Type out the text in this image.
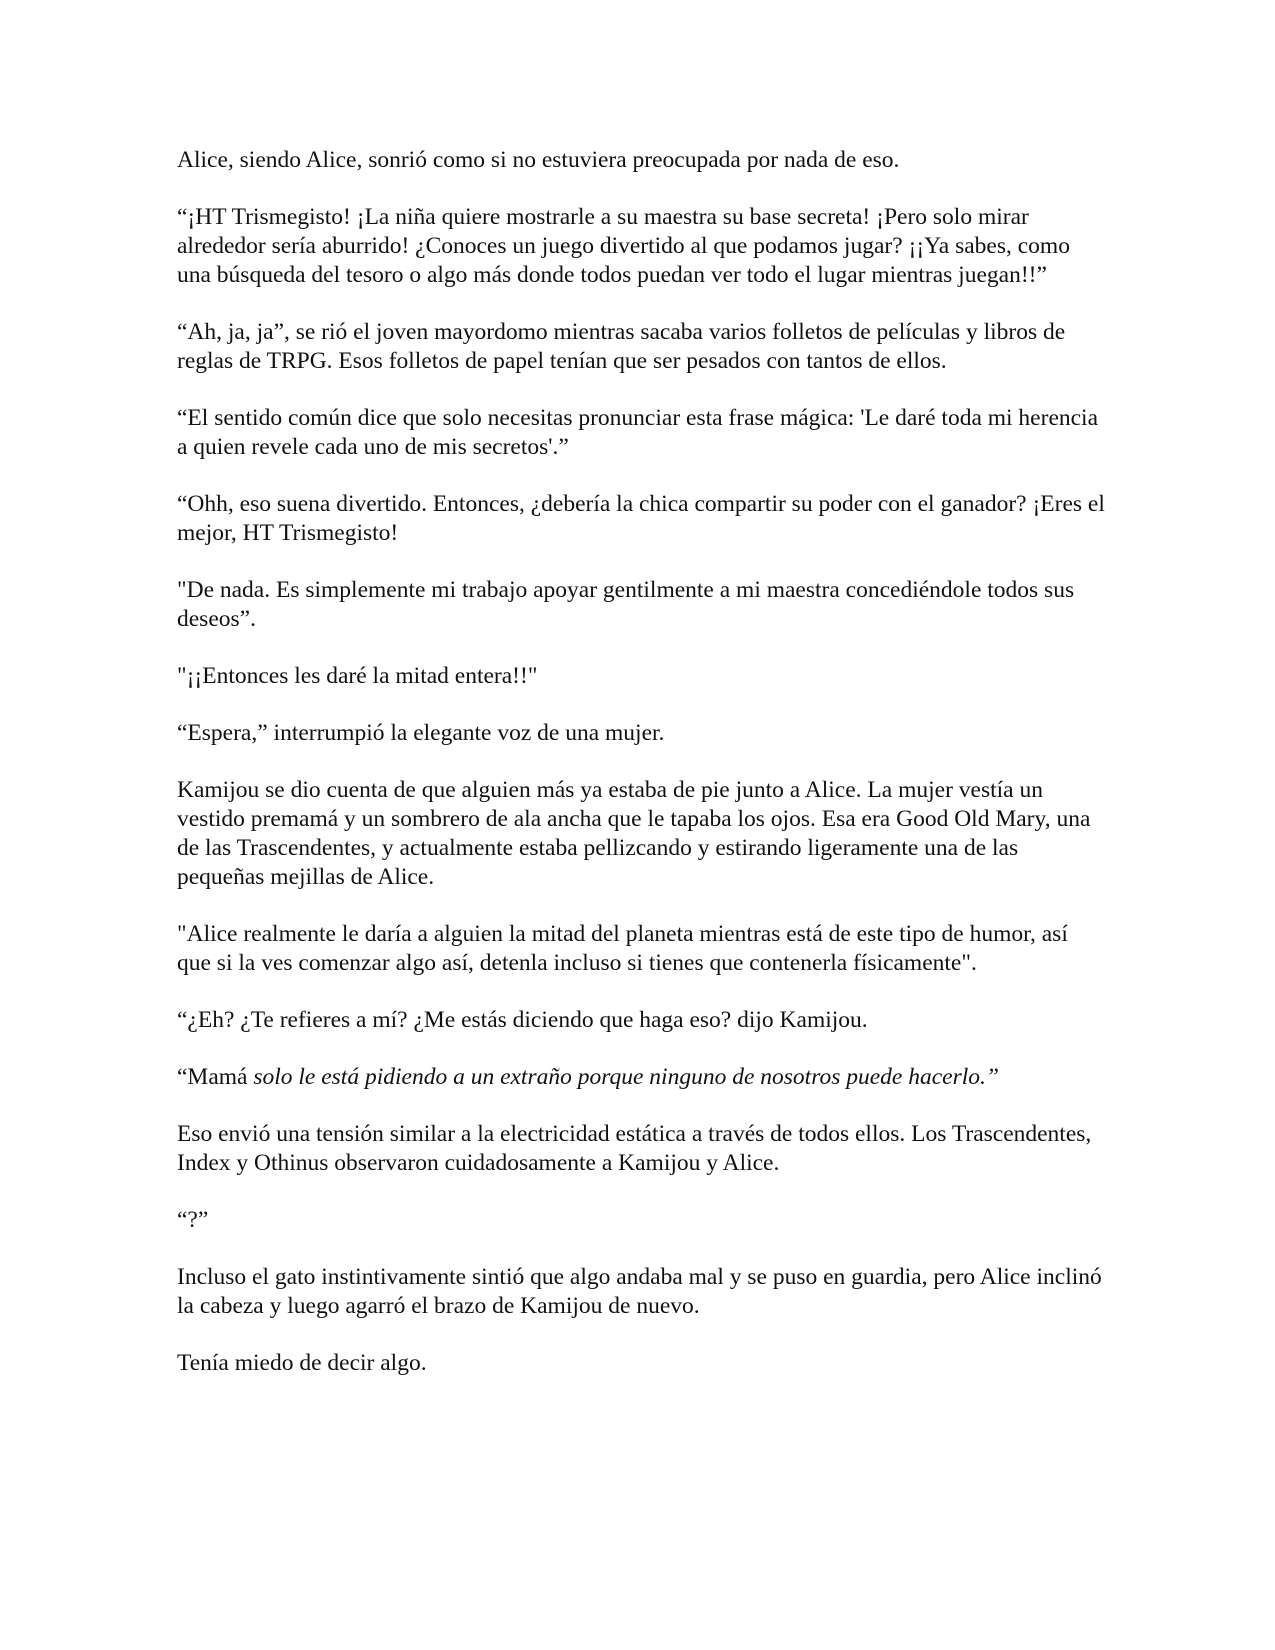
Alice, siendo Alice, sonrió como si no estuviera preocupada por nada de eso.

“¡HT Trismegisto! ¡La niña quiere mostrarle a su maestra su base secreta! ¡Pero solo mirar alrededor sería aburrido! ¿Conoces un juego divertido al que podamos jugar? ¡¡Ya sabes, como una búsqueda del tesoro o algo más donde todos puedan ver todo el lugar mientras juegan!!”

“Ah, ja, ja”, se rió el joven mayordomo mientras sacaba varios folletos de películas y libros de reglas de TRPG. Esos folletos de papel tenían que ser pesados con tantos de ellos.

“El sentido común dice que solo necesitas pronunciar esta frase mágica: 'Le daré toda mi herencia a quien revele cada uno de mis secretos'.”

“Ohh, eso suena divertido. Entonces, ¿debería la chica compartir su poder con el ganador? ¡Eres el mejor, HT Trismegisto!

"De nada. Es simplemente mi trabajo apoyar gentilmente a mi maestra concediéndole todos sus deseos”.

"¡¡Entonces les daré la mitad entera!!"

“Espera,” interrumpió la elegante voz de una mujer.

Kamijou se dio cuenta de que alguien más ya estaba de pie junto a Alice. La mujer vestía un vestido premamá y un sombrero de ala ancha que le tapaba los ojos. Esa era Good Old Mary, una de las Trascendentes, y actualmente estaba pellizcando y estirando ligeramente una de las pequeñas mejillas de Alice.

"Alice realmente le daría a alguien la mitad del planeta mientras está de este tipo de humor, así que si la ves comenzar algo así, detenla incluso si tienes que contenerla físicamente".

“¿Eh? ¿Te refieres a mí? ¿Me estás diciendo que haga eso? dijo Kamijou.

“Mamá solo le está pidiendo a un extraño porque ninguno de nosotros puede hacerlo.”

Eso envió una tensión similar a la electricidad estática a través de todos ellos. Los Trascendentes, Index y Othinus observaron cuidadosamente a Kamijou y Alice.

“?”

Incluso el gato instintivamente sintió que algo andaba mal y se puso en guardia, pero Alice inclinó la cabeza y luego agarró el brazo de Kamijou de nuevo.

Tenía miedo de decir algo.
